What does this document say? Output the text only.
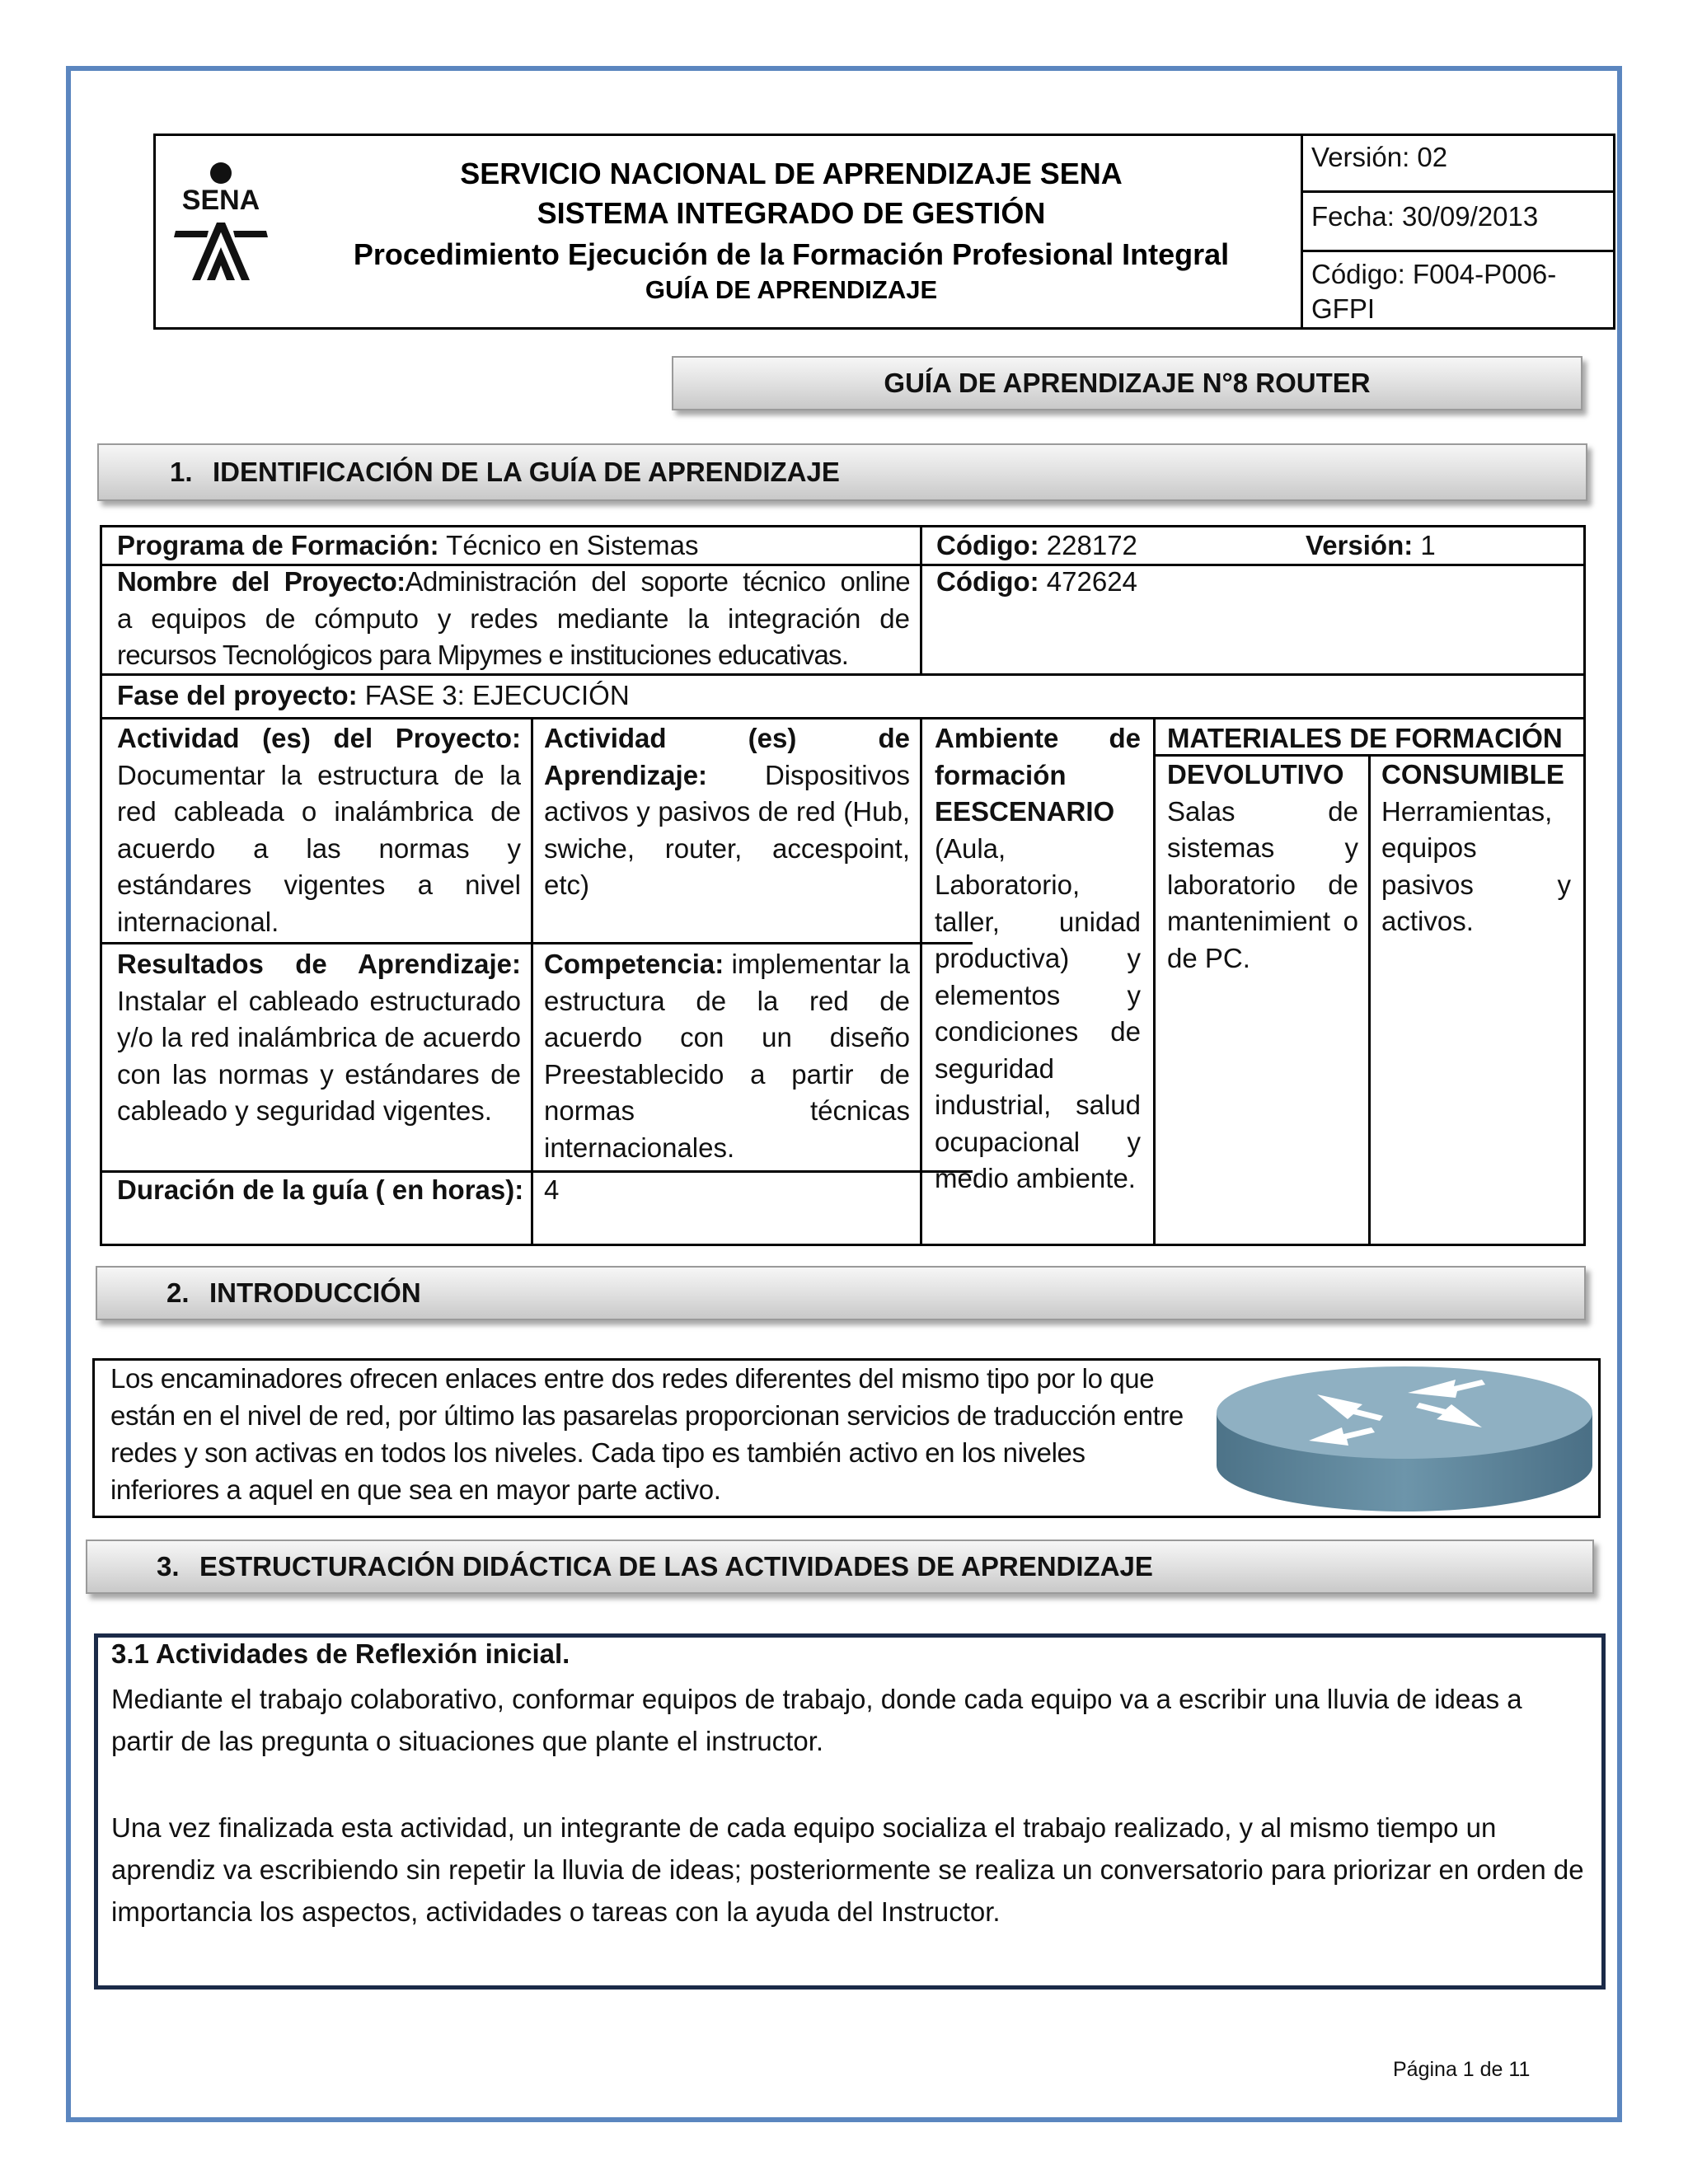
SENA
SERVICIO NACIONAL DE APRENDIZAJE SENA
SISTEMA INTEGRADO DE GESTIÓN
Procedimiento Ejecución de la Formación Profesional Integral
GUÍA DE APRENDIZAJE
Versión: 02
Fecha: 30/09/2013
Código: F004-P006-GFPI
GUÍA DE APRENDIZAJE N°8 ROUTER
1. IDENTIFICACIÓN DE LA GUÍA DE APRENDIZAJE
Programa de Formación: Técnico en Sistemas	Código: 228172	Versión: 1
Nombre del Proyecto:Administración del soporte técnico online
a equipos de cómputo y redes mediante la integración de
recursos Tecnológicos para Mipymes e instituciones educativas.
Código: 472624
Fase del proyecto: FASE 3: EJECUCIÓN
Actividad (es) del Proyecto: Documentar la estructura de la red cableada o inalámbrica de acuerdo a las normas y estándares vigentes a nivel internacional.
Actividad (es) de Aprendizaje: Dispositivos activos y pasivos de red (Hub, swiche, router, accespoint, etc)
Ambiente de formación EESCENARIO (Aula, Laboratorio, taller, unidad productiva) y elementos y condiciones de seguridad industrial, salud ocupacional y medio ambiente.
MATERIALES DE FORMACIÓN
DEVOLUTIVO Salas de sistemas y laboratorio de mantenimient o de PC.
CONSUMIBLE Herramientas, equipos pasivos y activos.
Resultados de Aprendizaje: Instalar el cableado estructurado y/o la red inalámbrica de acuerdo con las normas y estándares de cableado y seguridad vigentes.
Competencia: implementar la estructura de la red de acuerdo con un diseño Preestablecido a partir de normas técnicas internacionales.
Duración de la guía ( en horas): 4
2. INTRODUCCIÓN
Los encaminadores ofrecen enlaces entre dos redes diferentes del mismo tipo por lo que están en el nivel de red, por último las pasarelas proporcionan servicios de traducción entre redes y son activas en todos los niveles. Cada tipo es también activo en los niveles inferiores a aquel en que sea en mayor parte activo.
3. ESTRUCTURACIÓN DIDÁCTICA DE LAS ACTIVIDADES DE APRENDIZAJE
3.1 Actividades de Reflexión inicial.
Mediante el trabajo colaborativo, conformar equipos de trabajo, donde cada equipo va a escribir una lluvia de ideas a partir de las pregunta o situaciones que plante el instructor.
Una vez finalizada esta actividad, un integrante de cada equipo socializa el trabajo realizado, y al mismo tiempo un aprendiz va escribiendo sin repetir la lluvia de ideas; posteriormente se realiza un conversatorio para priorizar en orden de importancia los aspectos, actividades o tareas con la ayuda del Instructor.
Página 1 de 11
